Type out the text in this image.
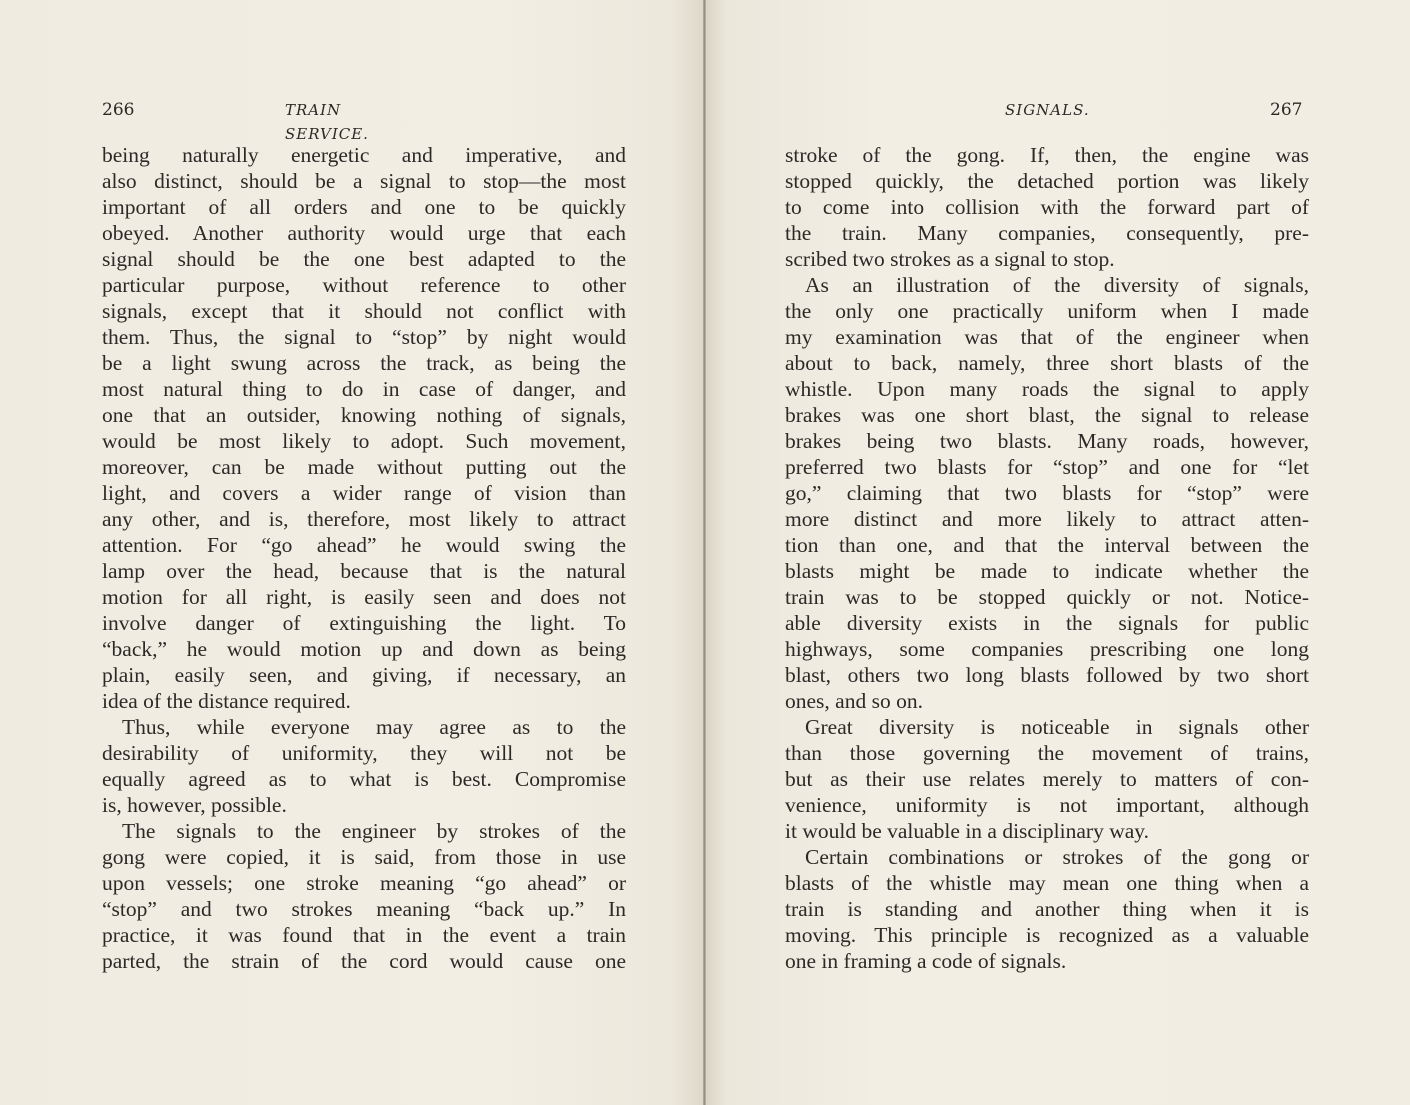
266	TRAIN SERVICE.
being naturally energetic and imperative, and
also distinct, should be a signal to stop—the most
important of all orders and one to be quickly
obeyed. Another authority would urge that each
signal should be the one best adapted to the
particular purpose, without reference to other
signals, except that it should not conflict with
them. Thus, the signal to “stop” by night would
be a light swung across the track, as being the
most natural thing to do in case of danger, and
one that an outsider, knowing nothing of signals,
would be most likely to adopt. Such movement,
moreover, can be made without putting out the
light, and covers a wider range of vision than
any other, and is, therefore, most likely to attract
attention. For “go ahead” he would swing the
lamp over the head, because that is the natural
motion for all right, is easily seen and does not
involve danger of extinguishing the light. To
“back,” he would motion up and down as being
plain, easily seen, and giving, if necessary, an
idea of the distance required.
Thus, while everyone may agree as to the
desirability of uniformity, they will not be
equally agreed as to what is best. Compromise
is, however, possible.
The signals to the engineer by strokes of the
gong were copied, it is said, from those in use
upon vessels; one stroke meaning “go ahead” or
“stop” and two strokes meaning “back up.” In
practice, it was found that in the event a train
parted, the strain of the cord would cause one
SIGNALS.	267
stroke of the gong. If, then, the engine was
stopped quickly, the detached portion was likely
to come into collision with the forward part of
the train. Many companies, consequently, pre-
scribed two strokes as a signal to stop.
As an illustration of the diversity of signals,
the only one practically uniform when I made
my examination was that of the engineer when
about to back, namely, three short blasts of the
whistle. Upon many roads the signal to apply
brakes was one short blast, the signal to release
brakes being two blasts. Many roads, however,
preferred two blasts for “stop” and one for “let
go,” claiming that two blasts for “stop” were
more distinct and more likely to attract atten-
tion than one, and that the interval between the
blasts might be made to indicate whether the
train was to be stopped quickly or not. Notice-
able diversity exists in the signals for public
highways, some companies prescribing one long
blast, others two long blasts followed by two short
ones, and so on.
Great diversity is noticeable in signals other
than those governing the movement of trains,
but as their use relates merely to matters of con-
venience, uniformity is not important, although
it would be valuable in a disciplinary way.
Certain combinations or strokes of the gong or
blasts of the whistle may mean one thing when a
train is standing and another thing when it is
moving. This principle is recognized as a valuable
one in framing a code of signals.
